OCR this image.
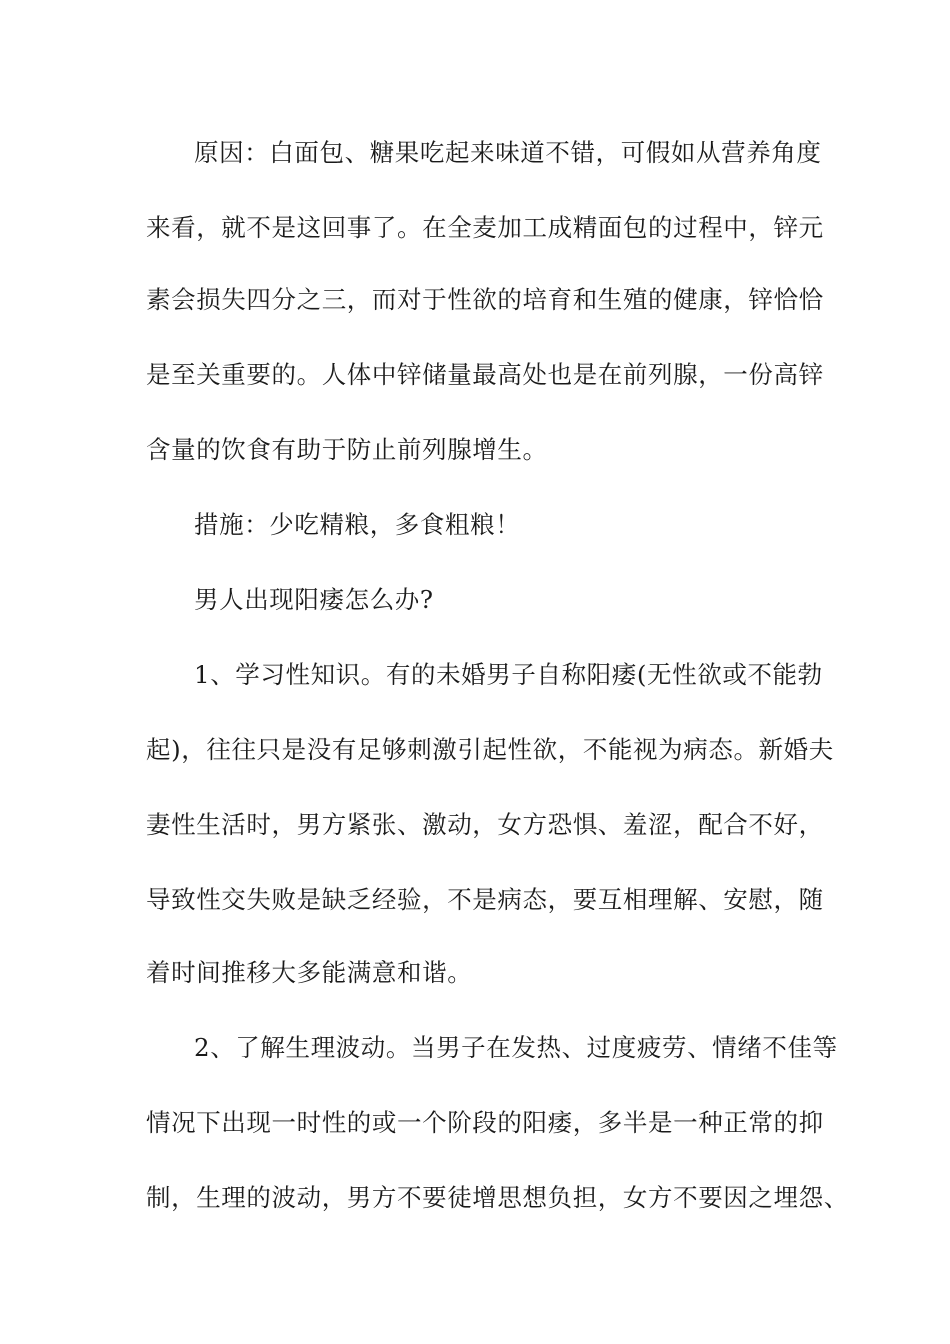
原因：白面包、糖果吃起来味道不错，可假如从营养角度
来看，就不是这回事了。在全麦加工成精面包的过程中，锌元
素会损失四分之三，而对于性欲的培育和生殖的健康，锌恰恰
是至关重要的。人体中锌储量最高处也是在前列腺，一份高锌
含量的饮食有助于防止前列腺增生。
措施：少吃精粮，多食粗粮！
男人出现阳痿怎么办?
1、学习性知识。有的未婚男子自称阳痿(无性欲或不能勃
起)，往往只是没有足够刺激引起性欲，不能视为病态。新婚夫
妻性生活时，男方紧张、激动，女方恐惧、羞涩，配合不好，
导致性交失败是缺乏经验，不是病态，要互相理解、安慰，随
着时间推移大多能满意和谐。
2、了解生理波动。当男子在发热、过度疲劳、情绪不佳等
情况下出现一时性的或一个阶段的阳痿，多半是一种正常的抑
制，生理的波动，男方不要徒增思想负担，女方不要因之埋怨、
